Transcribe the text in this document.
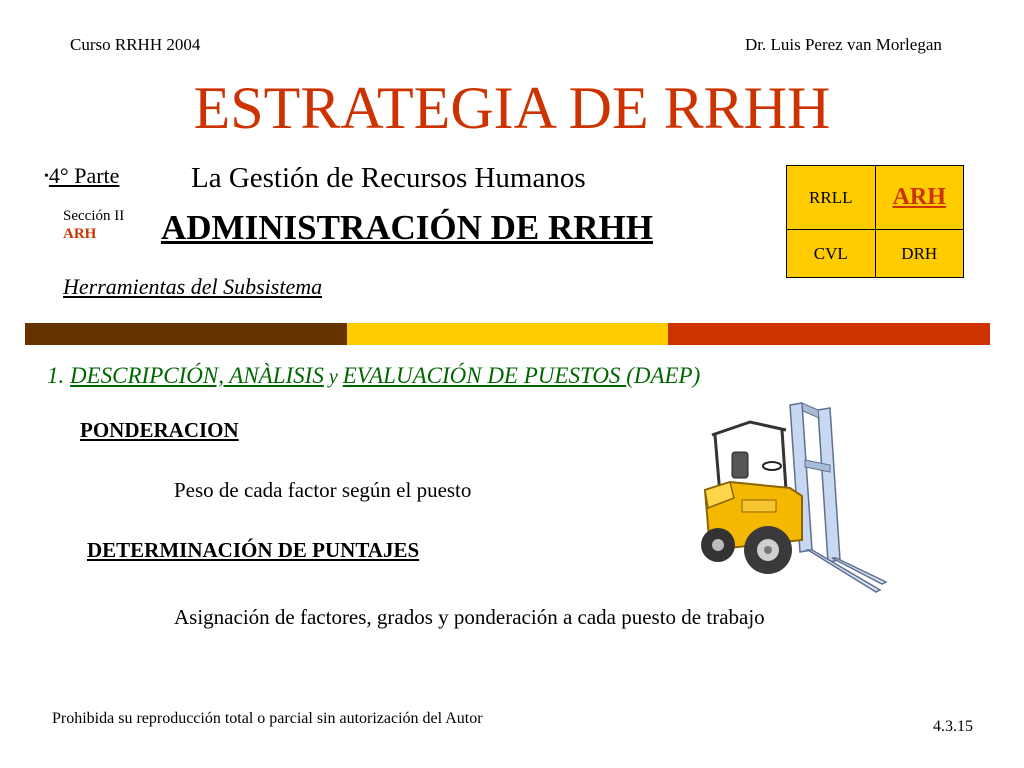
Curso RRHH 2004	Dr. Luis Perez van Morlegan
ESTRATEGIA DE RRHH
•4° Parte La Gestión de Recursos Humanos
Sección II
ARH	ADMINISTRACIÓN DE RRHH
Herramientas del Subsistema
RRLL	ARH
CVL	DRH
1. DESCRIPCIÓN, ANÀLISIS y EVALUACIÓN DE PUESTOS (DAEP)
PONDERACION
Peso de cada factor según el puesto
DETERMINACIÓN DE PUNTAJES
Asignación de factores, grados y ponderación a cada puesto de trabajo
Prohibida su reproducción total o parcial sin autorización del Autor	4.3.15
